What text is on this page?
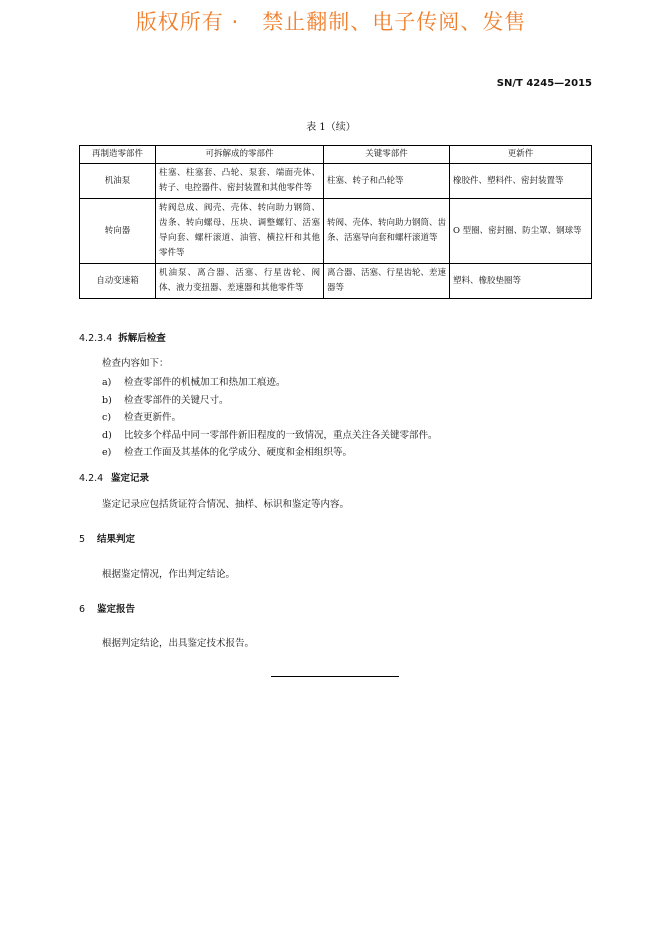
版权所有 ·   禁止翻制、电子传阅、发售
SN/T 4245—2015
表 1（续）
再制造零部件	可拆解成的零部件	关键零部件	更新件
机油泵	柱塞、柱塞套、凸轮、泵套、端面壳体、转子、电控器件、密封装置和其他零件等	柱塞、转子和凸轮等	橡胶件、塑料件、密封装置等
转向器	转阀总成、阀壳、壳体、转向助力钢筒、齿条、转向螺母、压块、调整螺钉、活塞导向套、螺杆滚道、油管、横拉杆和其他零件等	转阀、壳体、转向助力钢筒、齿条、活塞导向套和螺杆滚道等	O 型圈、密封圈、防尘罩、钢球等
自动变速箱	机油泵、离合器、活塞、行星齿轮、阀体、液力变扭器、差速器和其他零件等	离合器、活塞、行星齿轮、差速器等	塑料、橡胶垫圈等
4.2.3.4 拆解后检查
检查内容如下：
a) 检查零部件的机械加工和热加工痕迹。
b) 检查零部件的关键尺寸。
c) 检查更新件。
d) 比较多个样品中同一零部件新旧程度的一致情况，重点关注各关键零部件。
e) 检查工作面及其基体的化学成分、硬度和金相组织等。
4.2.4 鉴定记录
鉴定记录应包括货证符合情况、抽样、标识和鉴定等内容。
5 结果判定
根据鉴定情况，作出判定结论。
6 鉴定报告
根据判定结论，出具鉴定技术报告。
